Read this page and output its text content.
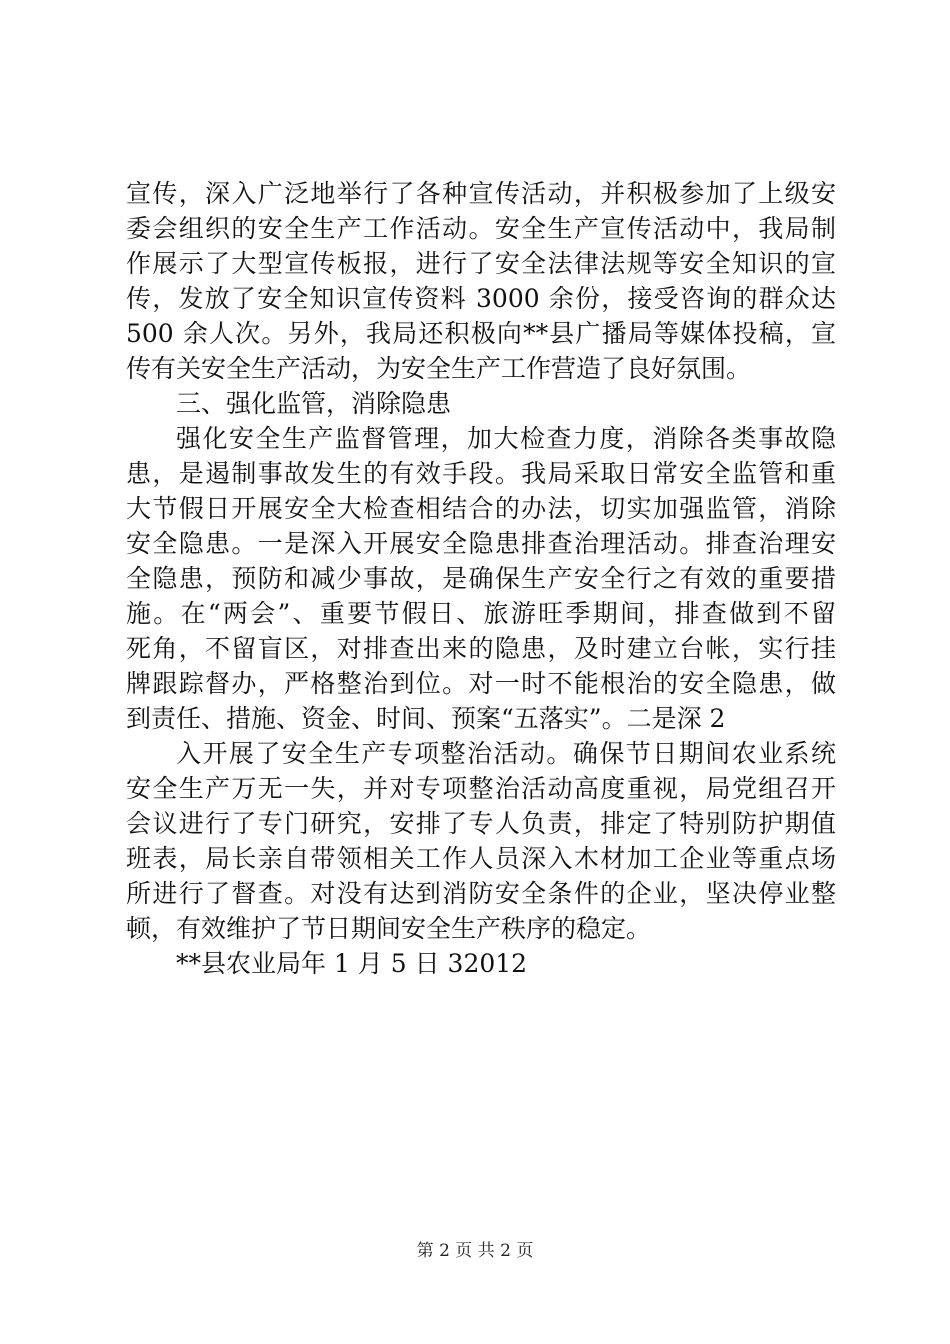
宣传，深入广泛地举行了各种宣传活动，并积极参加了上级安
委会组织的安全生产工作活动。安全生产宣传活动中，我局制
作展示了大型宣传板报，进行了安全法律法规等安全知识的宣
传，发放了安全知识宣传资料 3000 余份，接受咨询的群众达
500 余人次。另外，我局还积极向**县广播局等媒体投稿，宣
传有关安全生产活动，为安全生产工作营造了良好氛围。
三、强化监管，消除隐患
强化安全生产监督管理，加大检查力度，消除各类事故隐
患，是遏制事故发生的有效手段。我局采取日常安全监管和重
大节假日开展安全大检查相结合的办法，切实加强监管，消除
安全隐患。一是深入开展安全隐患排查治理活动。排查治理安
全隐患，预防和减少事故，是确保生产安全行之有效的重要措
施。在“两会”、重要节假日、旅游旺季期间，排查做到不留
死角，不留盲区，对排查出来的隐患，及时建立台帐，实行挂
牌跟踪督办，严格整治到位。对一时不能根治的安全隐患，做
到责任、措施、资金、时间、预案“五落实”。二是深 2
入开展了安全生产专项整治活动。确保节日期间农业系统
安全生产万无一失，并对专项整治活动高度重视，局党组召开
会议进行了专门研究，安排了专人负责，排定了特别防护期值
班表，局长亲自带领相关工作人员深入木材加工企业等重点场
所进行了督查。对没有达到消防安全条件的企业，坚决停业整
顿，有效维护了节日期间安全生产秩序的稳定。
**县农业局年 1 月 5 日 32012
第 2 页 共 2 页
